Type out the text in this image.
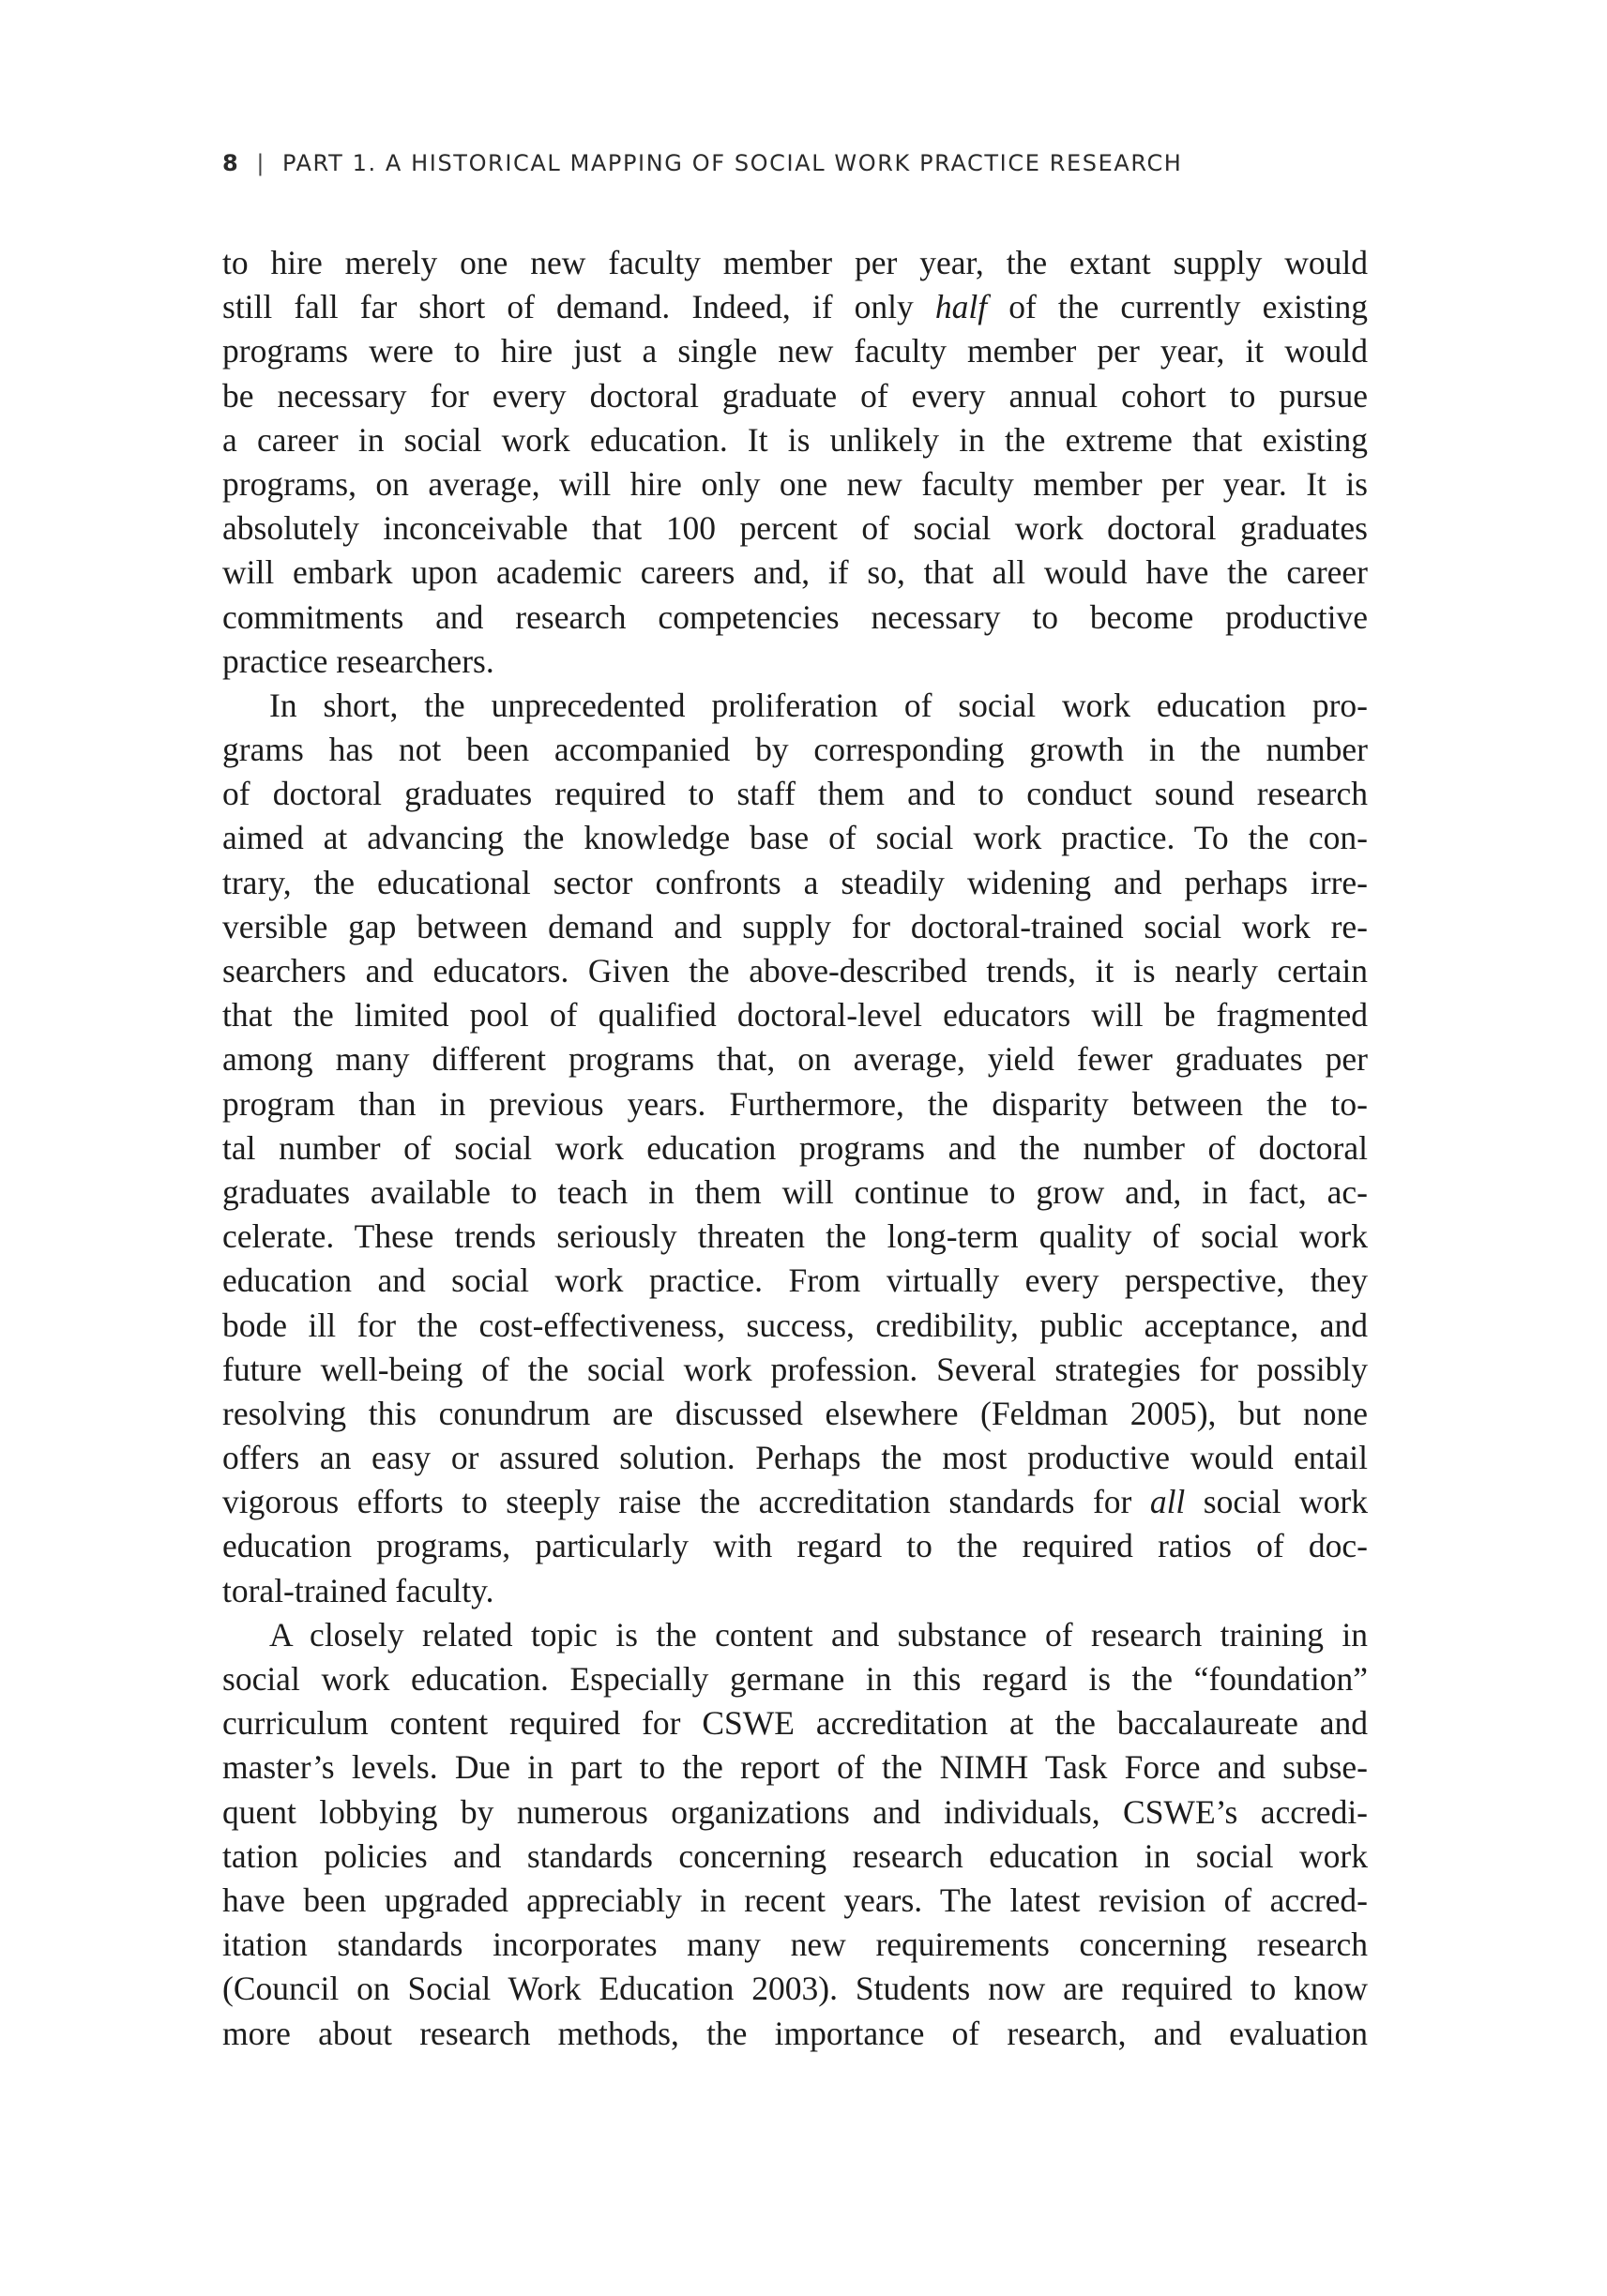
8 | PART 1. A HISTORICAL MAPPING OF SOCIAL WORK PRACTICE RESEARCH
to hire merely one new faculty member per year, the extant supply would
still fall far short of demand. Indeed, if only half of the currently existing
programs were to hire just a single new faculty member per year, it would
be necessary for every doctoral graduate of every annual cohort to pursue
a career in social work education. It is unlikely in the extreme that existing
programs, on average, will hire only one new faculty member per year. It is
absolutely inconceivable that 100 percent of social work doctoral graduates
will embark upon academic careers and, if so, that all would have the career
commitments and research competencies necessary to become productive
practice researchers.
In short, the unprecedented proliferation of social work education pro-
grams has not been accompanied by corresponding growth in the number
of doctoral graduates required to staff them and to conduct sound research
aimed at advancing the knowledge base of social work practice. To the con-
trary, the educational sector confronts a steadily widening and perhaps irre-
versible gap between demand and supply for doctoral-trained social work re-
searchers and educators. Given the above-described trends, it is nearly certain
that the limited pool of qualified doctoral-level educators will be fragmented
among many different programs that, on average, yield fewer graduates per
program than in previous years. Furthermore, the disparity between the to-
tal number of social work education programs and the number of doctoral
graduates available to teach in them will continue to grow and, in fact, ac-
celerate. These trends seriously threaten the long-term quality of social work
education and social work practice. From virtually every perspective, they
bode ill for the cost-effectiveness, success, credibility, public acceptance, and
future well-being of the social work profession. Several strategies for possibly
resolving this conundrum are discussed elsewhere (Feldman 2005), but none
offers an easy or assured solution. Perhaps the most productive would entail
vigorous efforts to steeply raise the accreditation standards for all social work
education programs, particularly with regard to the required ratios of doc-
toral-trained faculty.
A closely related topic is the content and substance of research training in
social work education. Especially germane in this regard is the “foundation”
curriculum content required for CSWE accreditation at the baccalaureate and
master’s levels. Due in part to the report of the NIMH Task Force and subse-
quent lobbying by numerous organizations and individuals, CSWE’s accredi-
tation policies and standards concerning research education in social work
have been upgraded appreciably in recent years. The latest revision of accred-
itation standards incorporates many new requirements concerning research
(Council on Social Work Education 2003). Students now are required to know
more about research methods, the importance of research, and evaluation
